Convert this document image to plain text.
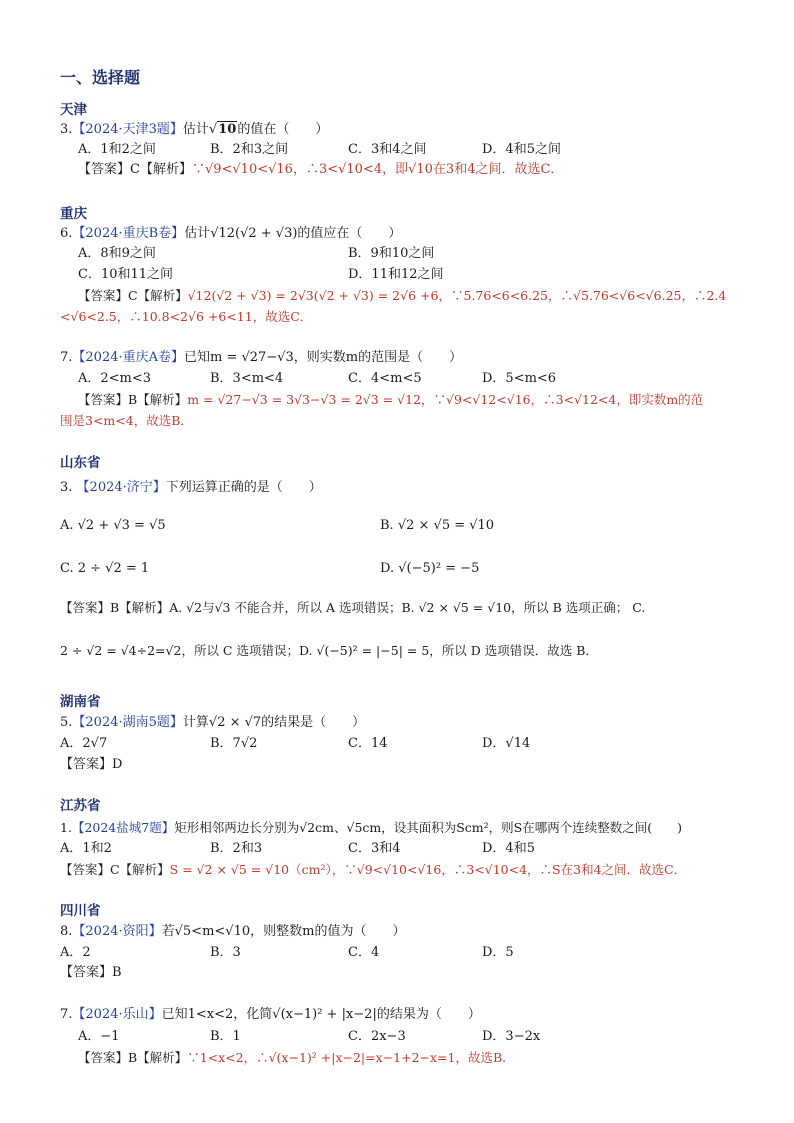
一、选择题
天津
3.【2024·天津3题】估计√ 10的值在（　　）
A．1和2之间	B．2和3之间	C．3和4之间	D．4和5之间
【答案】C【解析】∵√9<√10<√16，∴3<√10<4，即√10在3和4之间．故选C．
重庆
6.【2024·重庆B卷】估计√12(√2 + √3)的值应在（　　）
A．8和9之间	B．9和10之间
C．10和11之间	D．11和12之间
【答案】C【解析】√12(√2 + √3) = 2√3(√2 + √3) = 2√6 +6，∵5.76<6<6.25，∴√5.76<√6<√6.25，∴2.4
<√6<2.5，∴10.8<2√6 +6<11，故选C．
7.【2024·重庆A卷】已知m = √27−√3，则实数m的范围是（　　）
A．2<m<3	B．3<m<4	C．4<m<5	D．5<m<6
【答案】B【解析】m = √27−√3 = 3√3−√3 = 2√3 = √12，∵√9<√12<√16，∴3<√12<4，即实数m的范
围是3<m<4，故选B．
山东省
3. 【2024·济宁】下列运算正确的是（　　）
A. √2 + √3 = √5	B. √2 × √5 = √10
C. 2 ÷ √2 = 1	D. √(−5)² = −5
【答案】B【解析】A. √2与√3 不能合并，所以 A 选项错误；B. √2 × √5 = √10，所以 B 选项正确； C.
2 ÷ √2 = √4÷2=√2，所以 C 选项错误；D. √(−5)² = |−5| = 5，所以 D 选项错误．故选 B．
湖南省
5.【2024·湖南5题】计算√2 × √7的结果是（　　）
A．2√7	B．7√2	C．14	D．√14
【答案】D
江苏省
1.【2024盐城7题】矩形相邻两边长分别为√2cm、√5cm，设其面积为Scm²，则S在哪两个连续整数之间(　　)
A．1和2	B．2和3	C．3和4	D．4和5
【答案】C【解析】S = √2 × √5 = √10（cm²），∵√9<√10<√16，∴3<√10<4，∴S在3和4之间．故选C．
四川省
8.【2024·资阳】若√5<m<√10，则整数m的值为（　　）
A．2	B．3	C．4	D．5
【答案】B
7.【2024·乐山】已知1<x<2，化简√(x−1)² + |x−2|的结果为（　　）
A．−1	B．1	C．2x−3	D．3−2x
【答案】B【解析】∵1<x<2，∴√(x−1)² +|x−2|=x−1+2−x=1，故选B.
